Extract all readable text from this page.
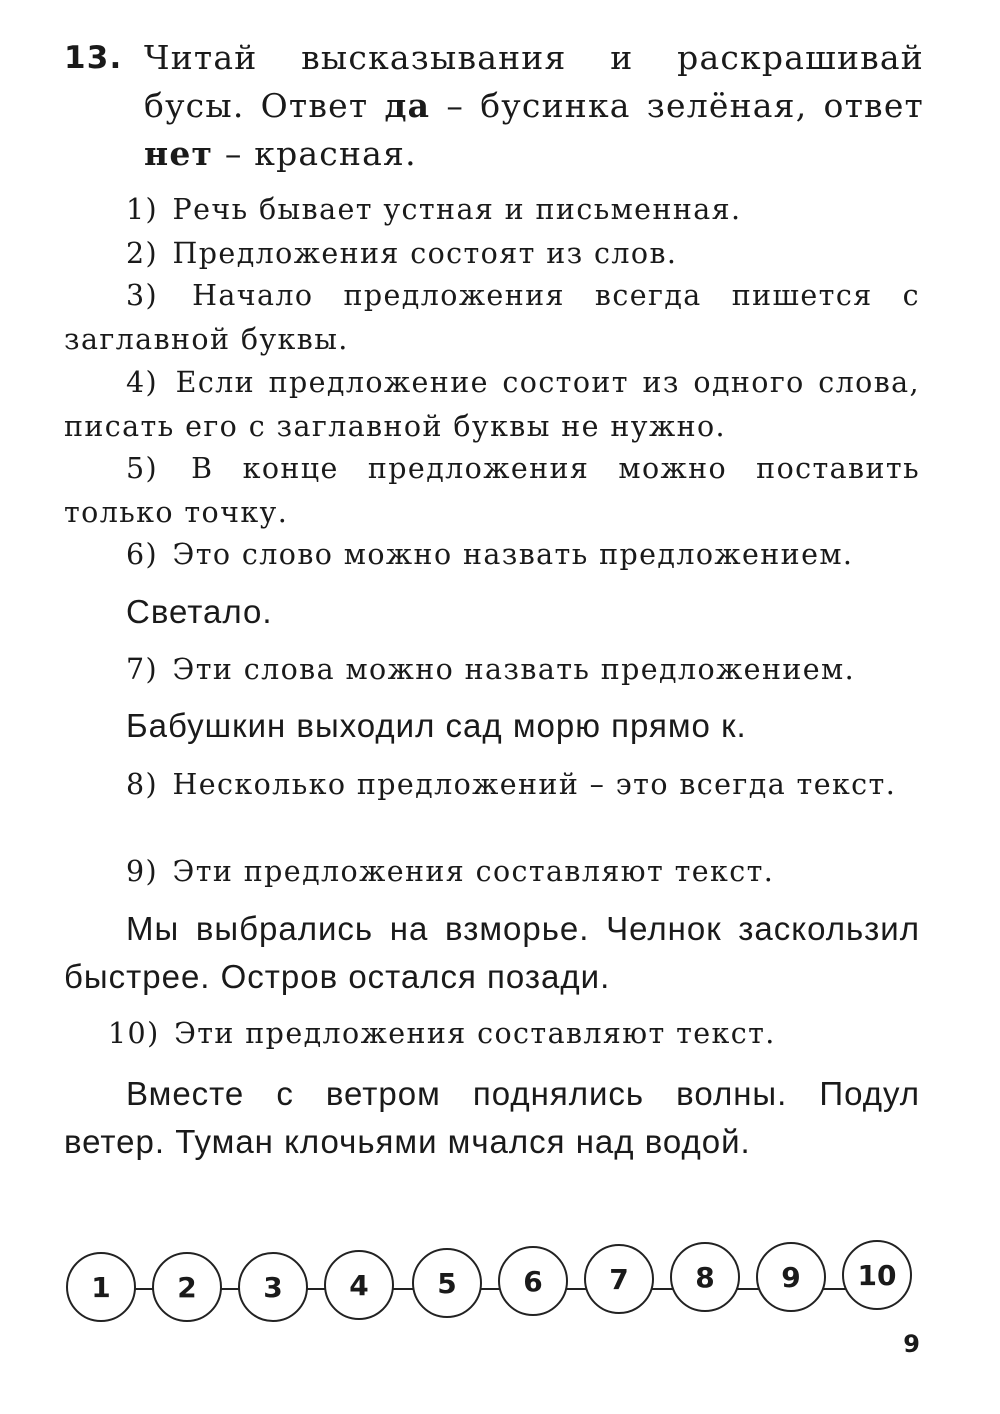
13. Читай высказывания и раскрашивай бусы. Ответ да – бусинка зелёная, ответ нет – красная.
1) Речь бывает устная и письменная.
2) Предложения состоят из слов.
3) Начало предложения всегда пишется с заглавной буквы.
4) Если предложение состоит из одного слова, писать его с заглавной буквы не нужно.
5) В конце предложения можно поставить только точку.
6) Это слово можно назвать предложением.
Светало.
7) Эти слова можно назвать предложением.
Бабушкин выходил сад морю прямо к.
8) Несколько предложений – это всегда текст.
9) Эти предложения составляют текст.
Мы выбрались на взморье. Челнок заскользил быстрее. Остров остался позади.
10) Эти предложения составляют текст.
Вместе с ветром поднялись волны. Подул ветер. Туман клочьями мчался над водой.
1	2	3	4	5	6	7	8	9	10
9
